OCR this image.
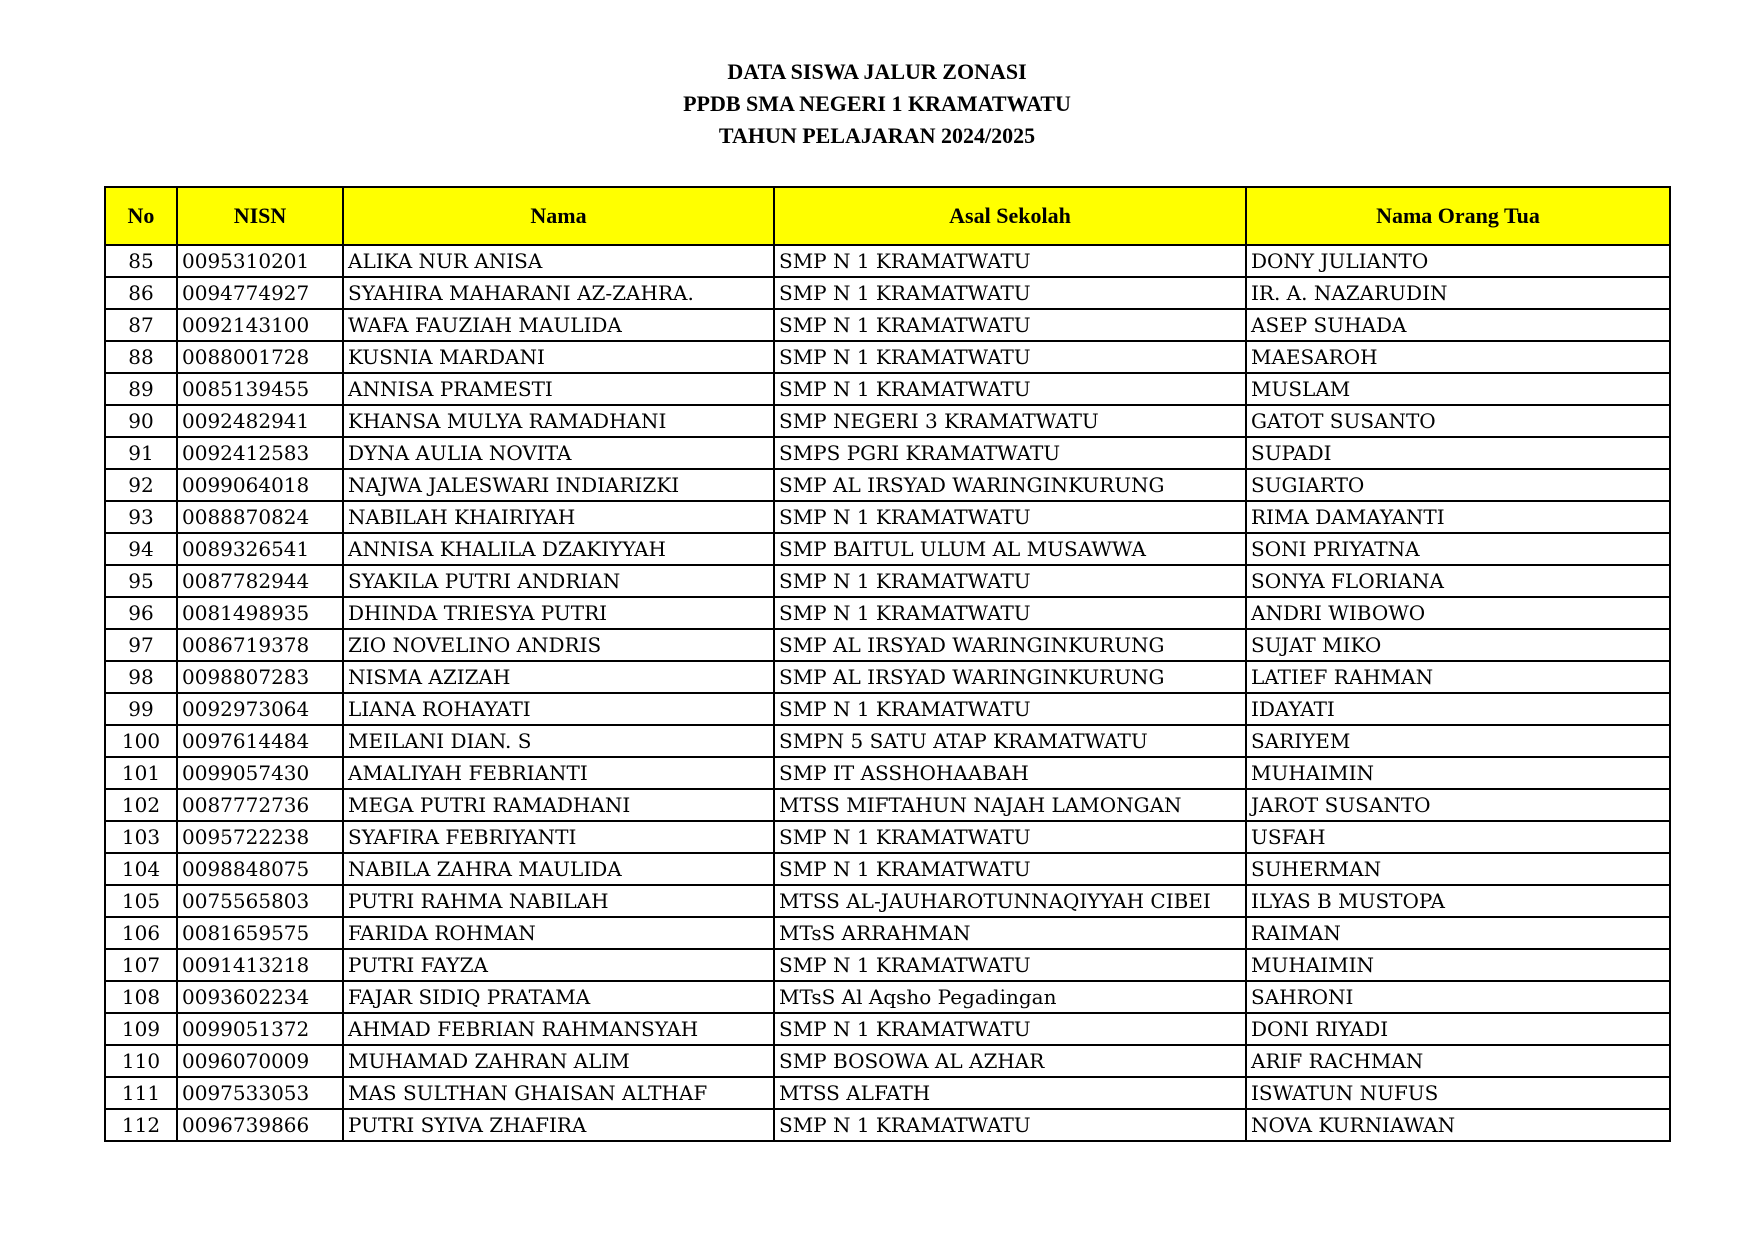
DATA SISWA JALUR ZONASI
PPDB SMA NEGERI 1 KRAMATWATU
TAHUN PELAJARAN 2024/2025
No	NISN	Nama	Asal Sekolah	Nama Orang Tua
85	0095310201	ALIKA NUR ANISA	SMP N 1 KRAMATWATU	DONY JULIANTO
86	0094774927	SYAHIRA MAHARANI AZ-ZAHRA.	SMP N 1 KRAMATWATU	IR. A. NAZARUDIN
87	0092143100	WAFA FAUZIAH MAULIDA	SMP N 1 KRAMATWATU	ASEP SUHADA
88	0088001728	KUSNIA MARDANI	SMP N 1 KRAMATWATU	MAESAROH
89	0085139455	ANNISA PRAMESTI	SMP N 1 KRAMATWATU	MUSLAM
90	0092482941	KHANSA MULYA RAMADHANI	SMP NEGERI 3 KRAMATWATU	GATOT SUSANTO
91	0092412583	DYNA AULIA NOVITA	SMPS PGRI KRAMATWATU	SUPADI
92	0099064018	NAJWA JALESWARI INDIARIZKI	SMP AL IRSYAD WARINGINKURUNG	SUGIARTO
93	0088870824	NABILAH KHAIRIYAH	SMP N 1 KRAMATWATU	RIMA DAMAYANTI
94	0089326541	ANNISA KHALILA DZAKIYYAH	SMP BAITUL ULUM AL MUSAWWA	SONI PRIYATNA
95	0087782944	SYAKILA PUTRI ANDRIAN	SMP N 1 KRAMATWATU	SONYA FLORIANA
96	0081498935	DHINDA TRIESYA PUTRI	SMP N 1 KRAMATWATU	ANDRI WIBOWO
97	0086719378	ZIO NOVELINO ANDRIS	SMP AL IRSYAD WARINGINKURUNG	SUJAT MIKO
98	0098807283	NISMA AZIZAH	SMP AL IRSYAD WARINGINKURUNG	LATIEF RAHMAN
99	0092973064	LIANA ROHAYATI	SMP N 1 KRAMATWATU	IDAYATI
100	0097614484	MEILANI DIAN. S	SMPN 5 SATU ATAP KRAMATWATU	SARIYEM
101	0099057430	AMALIYAH FEBRIANTI	SMP IT ASSHOHAABAH	MUHAIMIN
102	0087772736	MEGA PUTRI RAMADHANI	MTSS MIFTAHUN NAJAH LAMONGAN	JAROT SUSANTO
103	0095722238	SYAFIRA FEBRIYANTI	SMP N 1 KRAMATWATU	USFAH
104	0098848075	NABILA ZAHRA MAULIDA	SMP N 1 KRAMATWATU	SUHERMAN
105	0075565803	PUTRI RAHMA NABILAH	MTSS AL-JAUHAROTUNNAQIYYAH CIBEI	ILYAS B MUSTOPA
106	0081659575	FARIDA ROHMAN	MTsS ARRAHMAN	RAIMAN
107	0091413218	PUTRI FAYZA	SMP N 1 KRAMATWATU	MUHAIMIN
108	0093602234	FAJAR SIDIQ PRATAMA	MTsS Al Aqsho Pegadingan	SAHRONI
109	0099051372	AHMAD FEBRIAN RAHMANSYAH	SMP N 1 KRAMATWATU	DONI RIYADI
110	0096070009	MUHAMAD ZAHRAN ALIM	SMP BOSOWA AL AZHAR	ARIF RACHMAN
111	0097533053	MAS SULTHAN GHAISAN ALTHAF	MTSS ALFATH	ISWATUN NUFUS
112	0096739866	PUTRI SYIVA ZHAFIRA	SMP N 1 KRAMATWATU	NOVA KURNIAWAN
